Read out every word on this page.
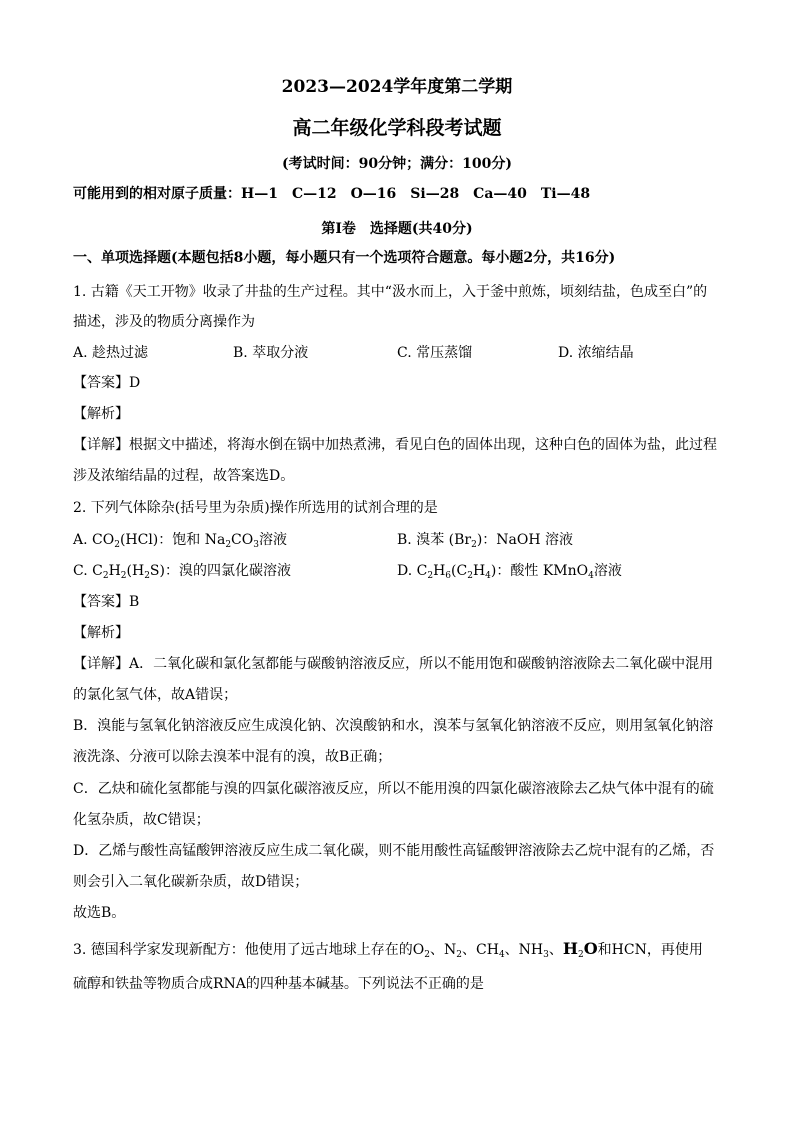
2023—2024学年度第二学期
高二年级化学科段考试题
(考试时间：90分钟；满分：100分)
可能用到的相对原子质量：H—1　C—12　O—16　Si—28　Ca—40　Ti—48
第Ⅰ卷　选择题(共40分)
一、单项选择题(本题包括8小题，每小题只有一个选项符合题意。每小题2分，共16分)
1. 古籍《天工开物》收录了井盐的生产过程。其中“汲水而上，入于釜中煎炼，顷刻结盐，色成至白”的
描述，涉及的物质分离操作为
A. 趁热过滤	B. 萃取分液	C. 常压蒸馏	D. 浓缩结晶
【答案】D
【解析】
【详解】根据文中描述，将海水倒在锅中加热煮沸，看见白色的固体出现，这种白色的固体为盐，此过程
涉及浓缩结晶的过程，故答案选D。
2. 下列气体除杂(括号里为杂质)操作所选用的试剂合理的是
A. $CO_2(HCl)$：饱和 $Na_2CO_3$溶液	B. 溴苯 $(Br_2)$：NaOH 溶液
C. $C_2H_2(H_2S)$：溴的四氯化碳溶液	D. $C_2H_6(C_2H_4)$：酸性 KMnO$_4$溶液
【答案】B
【解析】
【详解】A．二氧化碳和氯化氢都能与碳酸钠溶液反应，所以不能用饱和碳酸钠溶液除去二氧化碳中混用
的氯化氢气体，故A错误；
B．溴能与氢氧化钠溶液反应生成溴化钠、次溴酸钠和水，溴苯与氢氧化钠溶液不反应，则用氢氧化钠溶
液洗涤、分液可以除去溴苯中混有的溴，故B正确；
C．乙炔和硫化氢都能与溴的四氯化碳溶液反应，所以不能用溴的四氯化碳溶液除去乙炔气体中混有的硫
化氢杂质，故C错误；
D．乙烯与酸性高锰酸钾溶液反应生成二氧化碳，则不能用酸性高锰酸钾溶液除去乙烷中混有的乙烯，否
则会引入二氧化碳新杂质，故D错误；
故选B。
3. 德国科学家发现新配方：他使用了远古地球上存在的$O_2$、$N_2$、$CH_4$、$NH_3$、$H_2O$和HCN，再使用
硫醇和铁盐等物质合成RNA的四种基本碱基。下列说法不正确的是
